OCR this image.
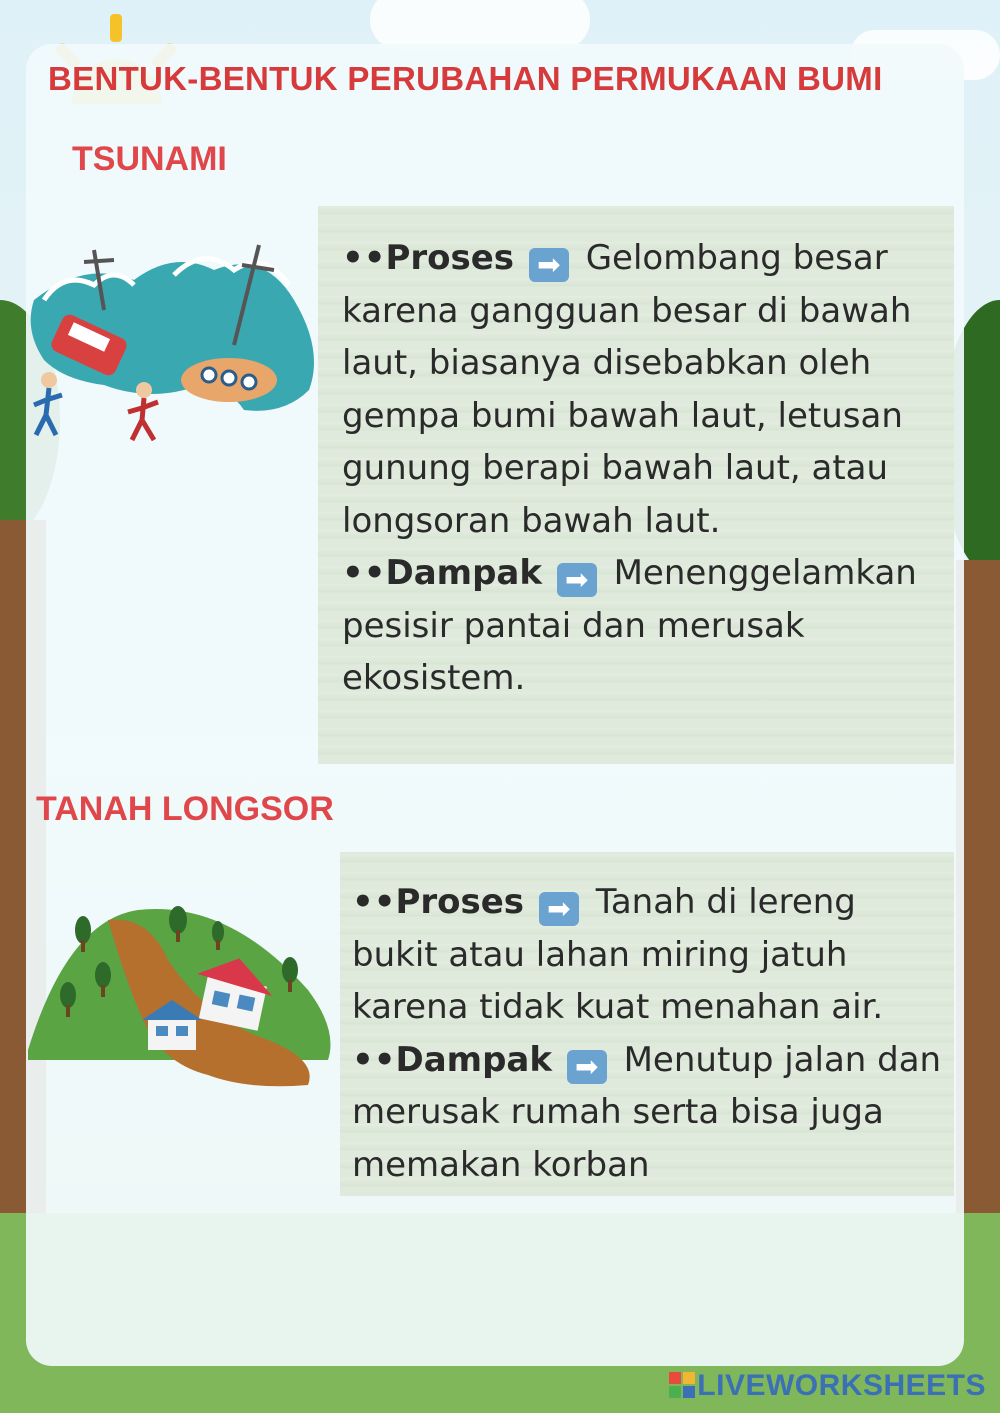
BENTUK-BENTUK PERUBAHAN PERMUKAAN BUMI
TSUNAMI

••Proses ➡ Gelombang besar karena gangguan besar di bawah laut, biasanya disebabkan oleh gempa bumi bawah laut, letusan gunung berapi bawah laut, atau longsoran bawah laut.

••Dampak ➡ Menenggelamkan pesisir pantai dan merusak ekosistem.

TANAH LONGSOR

••Proses ➡ Tanah di lereng bukit atau lahan miring jatuh karena tidak kuat menahan air.

••Dampak ➡ Menutup jalan dan merusak rumah serta bisa juga memakan korban

LIVEWORKSHEETS
